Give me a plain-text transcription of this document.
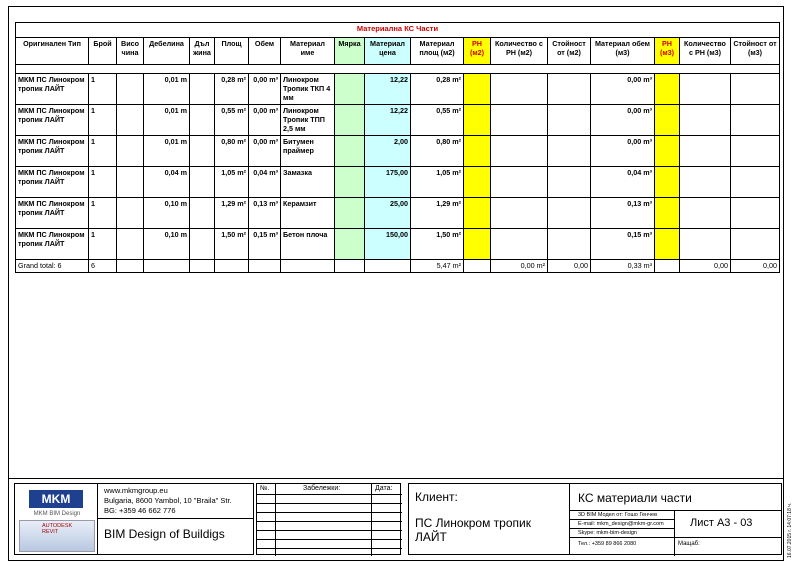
Материална КС Части																	
Оригинален Тип	Брой	Висо чина	Дебелина	Дъл жина	Площ	Обем	Материал име	Мярка	Материал цена	Материал площ (м2)	PH (м2)	Количество с PH (м2)	Стойност от (м2)	Материал обем (м3)	PH (м3)	Количество с PH (м3)	Стойност от (м3)

МКМ ПС Линокром тропик ЛАЙТ	1		0,01 m		0,28 m²	0,00 m³	Линокром Тропик ТКП 4 мм		12,22	0,28 m²				0,00 m³			
МКМ ПС Линокром тропик ЛАЙТ	1		0,01 m		0,55 m²	0,00 m³	Линокром Тропик ТПП 2,5 мм		12,22	0,55 m²				0,00 m³			
МКМ ПС Линокром тропик ЛАЙТ	1		0,01 m		0,80 m²	0,00 m³	Битумен праймер		2,00	0,80 m²				0,00 m³			
МКМ ПС Линокром тропик ЛАЙТ	1		0,04 m		1,05 m²	0,04 m³	Замазка		175,00	1,05 m²				0,04 m³			
МКМ ПС Линокром тропик ЛАЙТ	1		0,10 m		1,29 m²	0,13 m³	Керамзит		25,00	1,29 m²				0,13 m³			
МКМ ПС Линокром тропик ЛАЙТ	1		0,10 m		1,50 m²	0,15 m³	Бетон плоча		150,00	1,50 m²				0,15 m³			
Grand total: 6	6									5,47 m²		0,00 m²	0,00	0,33 m³		0,00	0,00
MKM
MKM BIM Design
AUTODESK REVIT
www.mkmgroup.eu
Bulgaria, 8600 Yambol, 10 "Braila" Str.
BG: +359 46 662 776
BIM Design of Buildigs
№.	Забележки:	Дата:
Клиент:
ПС Линокром тропик ЛАЙТ
КС материали части
3D BIM Модел от: Гошо Генчев
E-mail: mkm_design@mkm-gr.com
Skype: mkm-bim-design
Тел.: +359 89 866 2080
Лист А3 - 03
Мащаб:	16.07.2015 г. 14:07:18 ч.
